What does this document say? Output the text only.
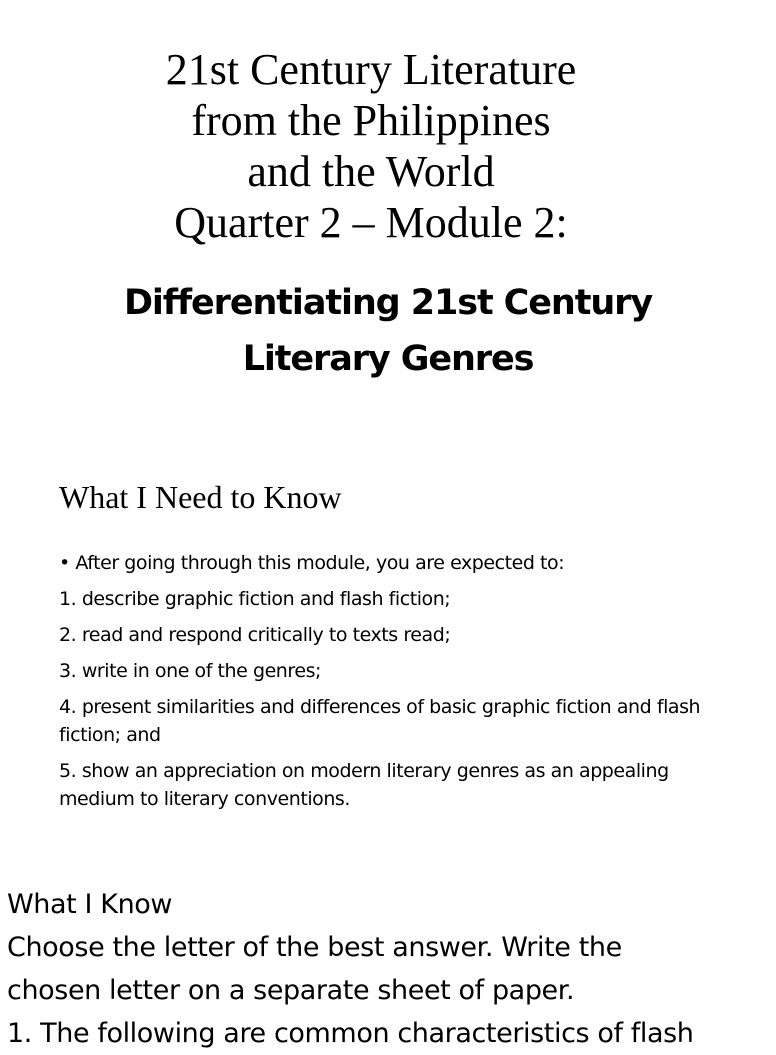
21st Century Literature
from the Philippines
and the World
Quarter 2 – Module 2:
Differentiating 21st Century
Literary Genres
What I Need to Know
• After going through this module, you are expected to:
1. describe graphic fiction and flash fiction;
2. read and respond critically to texts read;
3. write in one of the genres;
4. present similarities and differences of basic graphic fiction and flash fiction; and
5. show an appreciation on modern literary genres as an appealing medium to literary conventions.
What I Know
Choose the letter of the best answer. Write the
chosen letter on a separate sheet of paper.
1. The following are common characteristics of flash
